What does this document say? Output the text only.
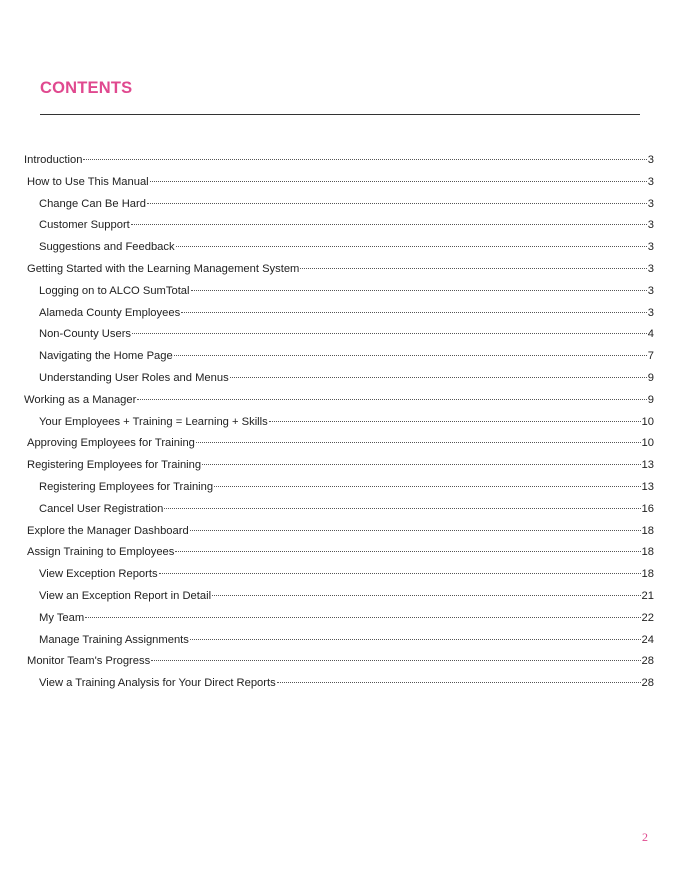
CONTENTS
Introduction	3
How to Use This Manual	3
Change Can Be Hard	3
Customer Support	3
Suggestions and Feedback	3
Getting Started with the Learning Management System	3
Logging on to ALCO SumTotal	3
Alameda County Employees	3
Non-County Users	4
Navigating the Home Page	7
Understanding User Roles and Menus	9
Working as a Manager	9
Your Employees + Training = Learning + Skills	10
Approving Employees for Training	10
Registering Employees for Training	13
Registering Employees for Training	13
Cancel User Registration	16
Explore the Manager Dashboard	18
Assign Training to Employees	18
View Exception Reports	18
View an Exception Report in Detail	21
My Team	22
Manage Training Assignments	24
Monitor Team's Progress	28
View a Training Analysis for Your Direct Reports	28
2
